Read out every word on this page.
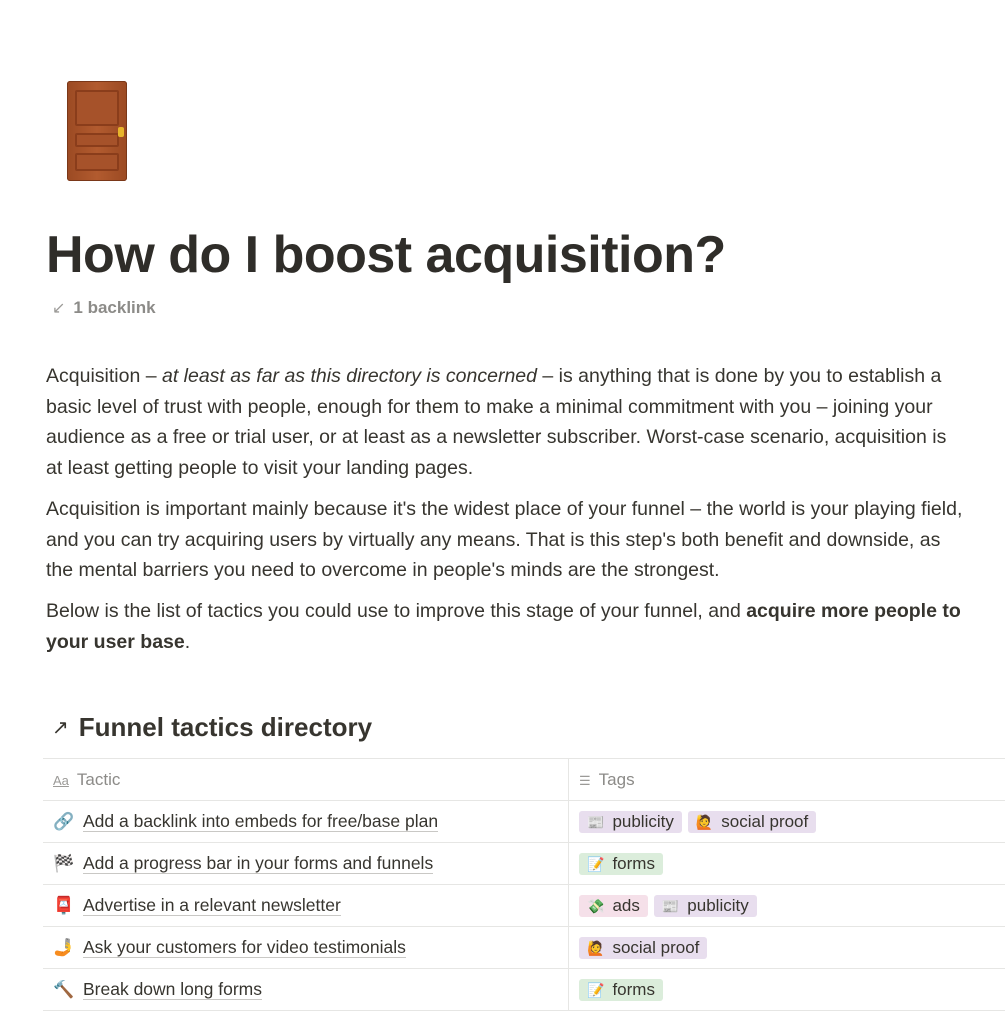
How do I boost acquisition?
↙ 1 backlink

Acquisition – at least as far as this directory is concerned – is anything that is done by you to establish a basic level of trust with people, enough for them to make a minimal commitment with you – joining your audience as a free or trial user, or at least as a newsletter subscriber. Worst-case scenario, acquisition is at least getting people to visit your landing pages.

Acquisition is important mainly because it's the widest place of your funnel – the world is your playing field, and you can try acquiring users by virtually any means. That is this step's both benefit and downside, as the mental barriers you need to overcome in people's minds are the strongest.

Below is the list of tactics you could use to improve this stage of your funnel, and acquire more people to your user base.

↗ Funnel tactics directory
Aa Tactic	☰ Tags
🔗 Add a backlink into embeds for free/base plan	📰 publicity 🙋 social proof
🏁 Add a progress bar in your forms and funnels	📝 forms
📮 Advertise in a relevant newsletter	💸 ads 📰 publicity
🤳 Ask your customers for video testimonials	🙋 social proof
🔨 Break down long forms	📝 forms
